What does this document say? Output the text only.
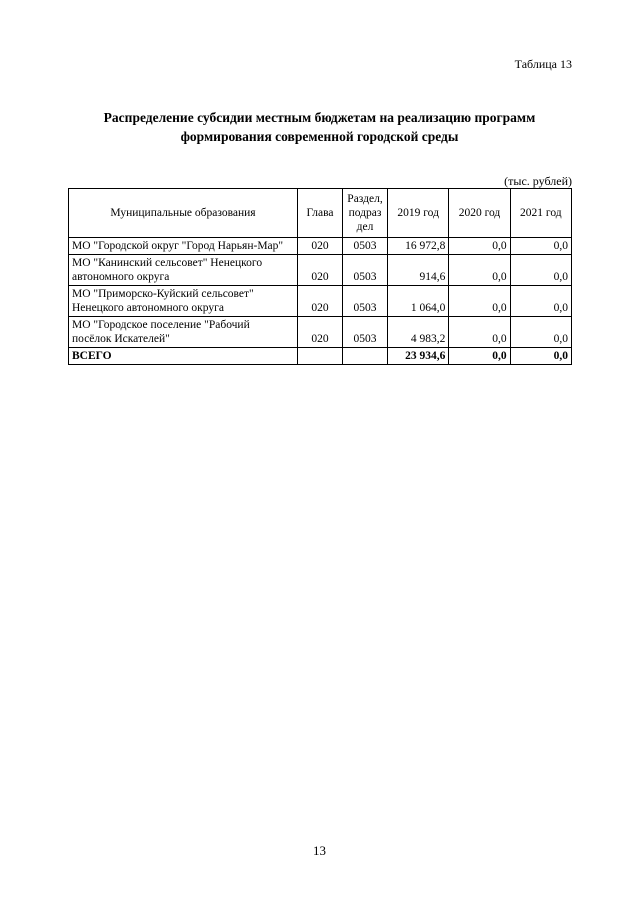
Таблица 13
Распределение субсидии местным бюджетам на реализацию программ
формирования современной городской среды
(тыс. рублей)
Муниципальные образования	Глава	Раздел,
подраз
дел	2019 год	2020 год	2021 год

МО "Городской округ "Город Нарьян-Мар"	020	0503	16 972,8	0,0	0,0

МО "Канинский сельсовет" Ненецкого
автономного округа	020	0503	914,6	0,0	0,0

МО "Приморско-Куйский сельсовет"
Ненецкого автономного округа	020	0503	1 064,0	0,0	0,0

МО "Городское поселение "Рабочий
посёлок Искателей"	020	0503	4 983,2	0,0	0,0
ВСЕГО			23 934,6	0,0	0,0
13
